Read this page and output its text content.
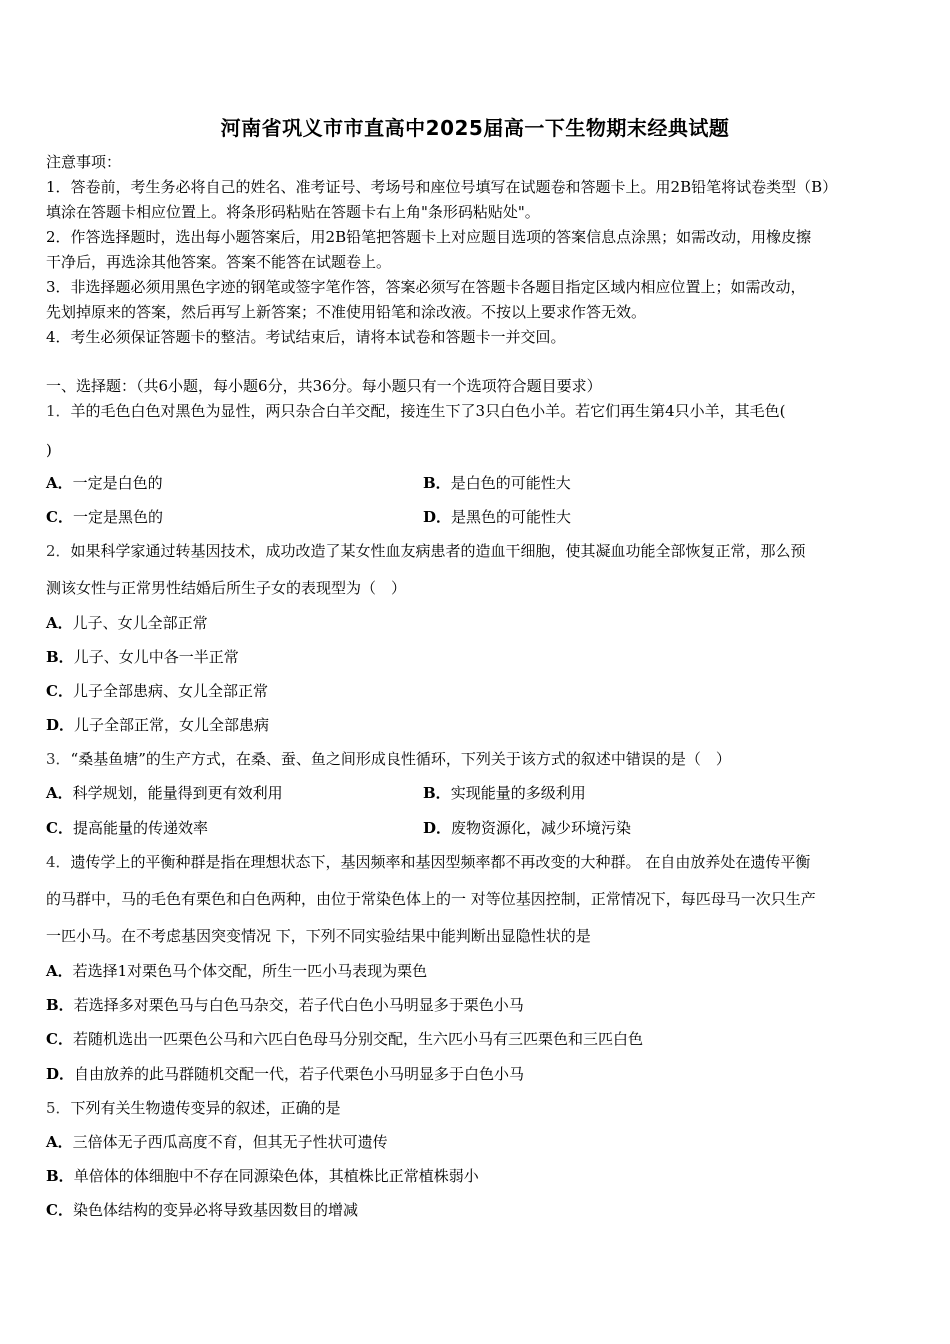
河南省巩义市市直高中2025届高一下生物期末经典试题
注意事项：
1．答卷前，考生务必将自己的姓名、准考证号、考场号和座位号填写在试题卷和答题卡上。用2B铅笔将试卷类型（B）
填涂在答题卡相应位置上。将条形码粘贴在答题卡右上角"条形码粘贴处"。
2．作答选择题时，选出每小题答案后，用2B铅笔把答题卡上对应题目选项的答案信息点涂黑；如需改动，用橡皮擦
干净后，再选涂其他答案。答案不能答在试题卷上。
3．非选择题必须用黑色字迹的钢笔或签字笔作答，答案必须写在答题卡各题目指定区域内相应位置上；如需改动，
先划掉原来的答案，然后再写上新答案；不准使用铅笔和涂改液。不按以上要求作答无效。
4．考生必须保证答题卡的整洁。考试结束后，请将本试卷和答题卡一并交回。
一、选择题：（共6小题，每小题6分，共36分。每小题只有一个选项符合题目要求）
1．羊的毛色白色对黑色为显性，两只杂合白羊交配，接连生下了3只白色小羊。若它们再生第4只小羊，其毛色(
)
A．一定是白色的	B．是白色的可能性大
C．一定是黑色的	D．是黑色的可能性大
2．如果科学家通过转基因技术，成功改造了某女性血友病患者的造血干细胞，使其凝血功能全部恢复正常，那么预
测该女性与正常男性结婚后所生子女的表现型为（　）
A．儿子、女儿全部正常
B．儿子、女儿中各一半正常
C．儿子全部患病、女儿全部正常
D．儿子全部正常，女儿全部患病
3．“桑基鱼塘”的生产方式，在桑、蚕、鱼之间形成良性循环，下列关于该方式的叙述中错误的是（　）
A．科学规划，能量得到更有效利用	B．实现能量的多级利用
C．提高能量的传递效率	D．废物资源化，减少环境污染
4．遗传学上的平衡种群是指在理想状态下，基因频率和基因型频率都不再改变的大种群。 在自由放养处在遗传平衡
的马群中，马的毛色有栗色和白色两种，由位于常染色体上的一 对等位基因控制，正常情况下，每匹母马一次只生产
一匹小马。在不考虑基因突变情况 下，下列不同实验结果中能判断出显隐性状的是
A．若选择1对栗色马个体交配，所生一匹小马表现为栗色
B．若选择多对栗色马与白色马杂交，若子代白色小马明显多于栗色小马
C．若随机选出一匹栗色公马和六匹白色母马分别交配，生六匹小马有三匹栗色和三匹白色
D．自由放养的此马群随机交配一代，若子代栗色小马明显多于白色小马
5．下列有关生物遗传变异的叙述，正确的是
A．三倍体无子西瓜高度不育，但其无子性状可遗传
B．单倍体的体细胞中不存在同源染色体，其植株比正常植株弱小
C．染色体结构的变异必将导致基因数目的增减
